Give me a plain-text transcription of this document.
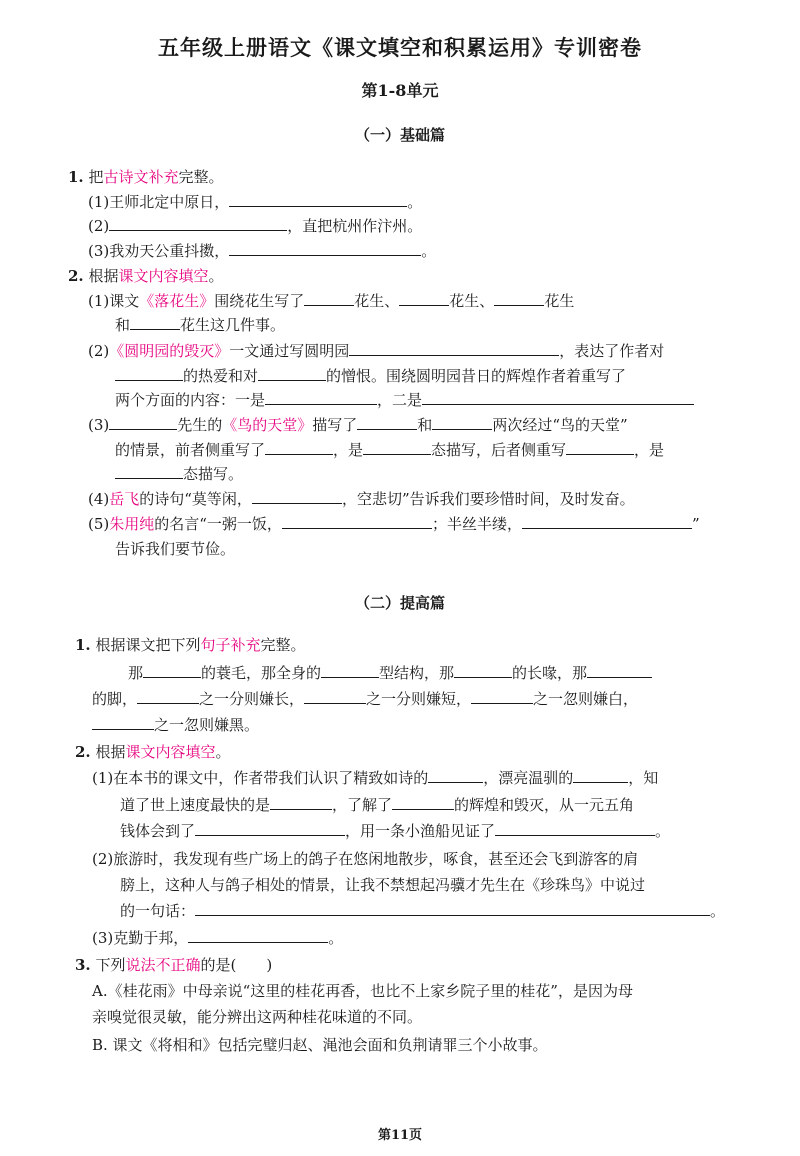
五年级上册语文《课文填空和积累运用》专训密卷
第1-8单元
（一）基础篇
1. 把古诗文补充完整。
(1)王师北定中原日，	。
(2)	，直把杭州作汴州。
(3)我劝天公重抖擞，	。
2. 根据课文内容填空。
(1)课文《落花生》围绕花生写了	花生、	花生、	花生
和	花生这几件事。
(2)《圆明园的毁灭》一文通过写圆明园	，表达了作者对
的热爱和对	的憎恨。围绕圆明园昔日的辉煌作者着重写了
两个方面的内容：一是	，二是
(3)	先生的《鸟的天堂》描写了	和	两次经过“鸟的天堂”
的情景，前者侧重写了	，是	态描写，后者侧重写	，是
态描写。
(4)岳飞的诗句“莫等闲，	，空悲切”告诉我们要珍惜时间，及时发奋。
(5)朱用纯的名言“一粥一饭，	；半丝半缕，	”
告诉我们要节俭。
（二）提高篇
1. 根据课文把下列句子补充完整。
那	的蓑毛，那全身的	型结构，那	的长喙，那
的脚，	之一分则嫌长，	之一分则嫌短，	之一忽则嫌白，
之一忽则嫌黑。
2. 根据课文内容填空。
(1)在本书的课文中，作者带我们认识了精致如诗的	，漂亮温驯的	，知
道了世上速度最快的是	，了解了	的辉煌和毁灭，从一元五角
钱体会到了	，用一条小渔船见证了	。
(2)旅游时，我发现有些广场上的鸽子在悠闲地散步，啄食，甚至还会飞到游客的肩
膀上，这种人与鸽子相处的情景，让我不禁想起冯骥才先生在《珍珠鸟》中说过
的一句话：	。
(3)克勤于邦，	。
3. 下列说法不正确的是(　　)
A.《桂花雨》中母亲说“这里的桂花再香，也比不上家乡院子里的桂花”，是因为母
亲嗅觉很灵敏，能分辨出这两种桂花味道的不同。
B. 课文《将相和》包括完璧归赵、渑池会面和负荆请罪三个小故事。
第11页
